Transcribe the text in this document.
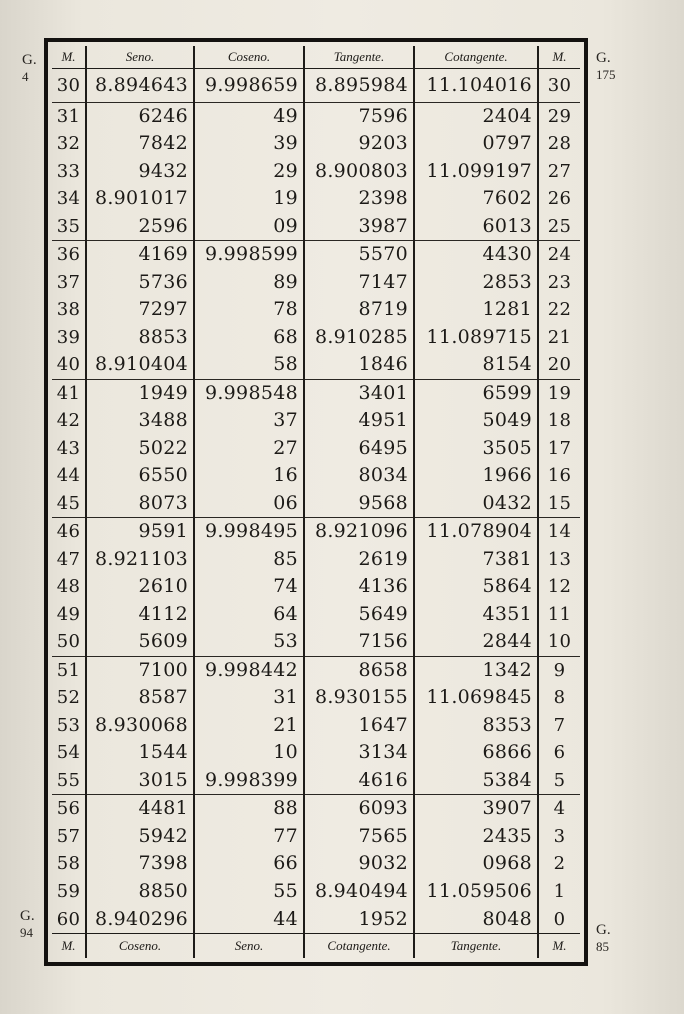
G.
4
G.
175
G.
94	G.
85
M.	Seno.	Coseno.	Tangente.	Cotangente.	M.
30	8.894643	9.998659	8.895984	11.104016	30
31	6246	49	7596	2404	29
32	7842	39	9203	0797	28
33	9432	29	8.900803	11.099197	27
34	8.901017	19	2398	7602	26
35	2596	09	3987	6013	25
36	4169	9.998599	5570	4430	24
37	5736	89	7147	2853	23
38	7297	78	8719	1281	22
39	8853	68	8.910285	11.089715	21
40	8.910404	58	1846	8154	20
41	1949	9.998548	3401	6599	19
42	3488	37	4951	5049	18
43	5022	27	6495	3505	17
44	6550	16	8034	1966	16
45	8073	06	9568	0432	15
46	9591	9.998495	8.921096	11.078904	14
47	8.921103	85	2619	7381	13
48	2610	74	4136	5864	12
49	4112	64	5649	4351	11
50	5609	53	7156	2844	10
51	7100	9.998442	8658	1342	9
52	8587	31	8.930155	11.069845	8
53	8.930068	21	1647	8353	7
54	1544	10	3134	6866	6
55	3015	9.998399	4616	5384	5
56	4481	88	6093	3907	4
57	5942	77	7565	2435	3
58	7398	66	9032	0968	2
59	8850	55	8.940494	11.059506	1
60	8.940296	44	1952	8048	0
M.	Coseno.	Seno.	Cotangente.	Tangente.	M.
